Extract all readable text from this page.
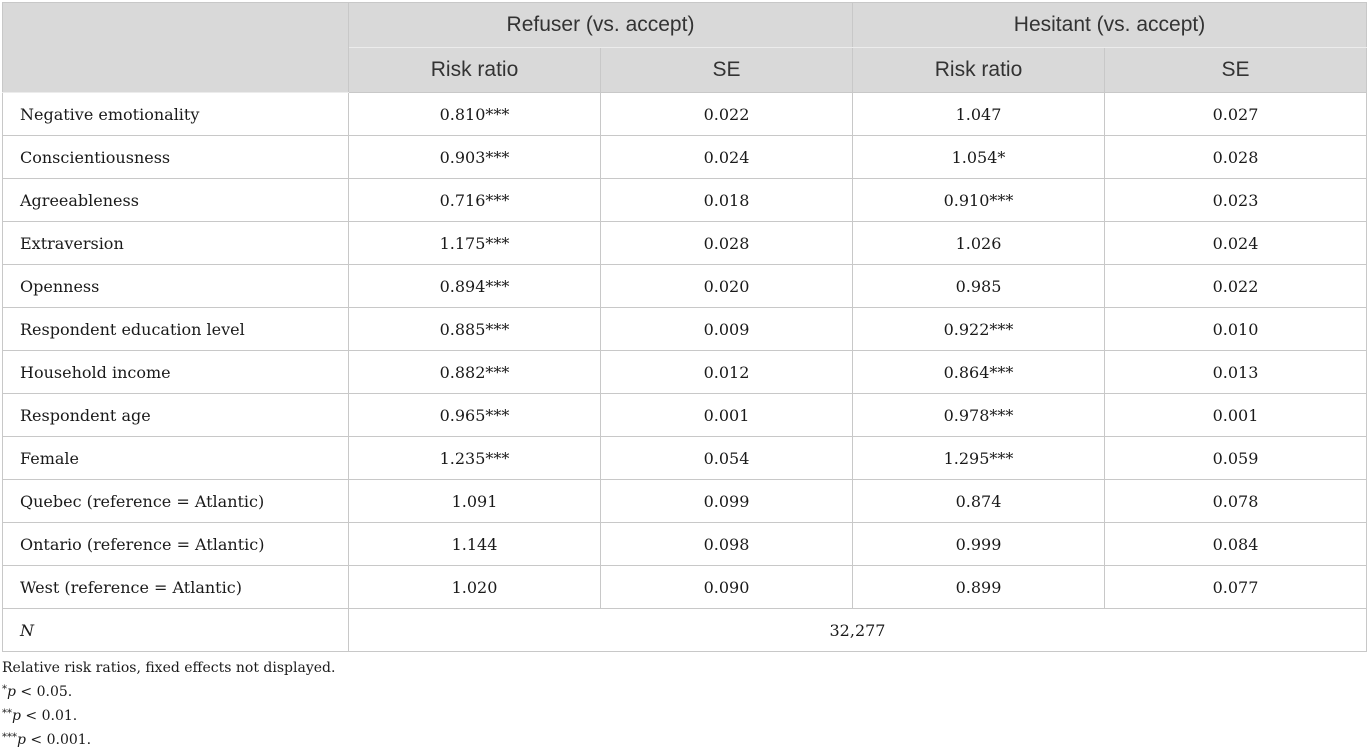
	Refuser (vs. accept)		Hesitant (vs. accept)	
	Risk ratio	SE	Risk ratio	SE
Negative emotionality	0.810***	0.022	1.047	0.027
Conscientiousness	0.903***	0.024	1.054*	0.028
Agreeableness	0.716***	0.018	0.910***	0.023
Extraversion	1.175***	0.028	1.026	0.024
Openness	0.894***	0.020	0.985	0.022
Respondent education level	0.885***	0.009	0.922***	0.010
Household income	0.882***	0.012	0.864***	0.013
Respondent age	0.965***	0.001	0.978***	0.001
Female	1.235***	0.054	1.295***	0.059
Quebec (reference = Atlantic)	1.091	0.099	0.874	0.078
Ontario (reference = Atlantic)	1.144	0.098	0.999	0.084
West (reference = Atlantic)	1.020	0.090	0.899	0.077
N	32,277			
Relative risk ratios, fixed effects not displayed.
*p < 0.05.
**p < 0.01.
***p < 0.001.
